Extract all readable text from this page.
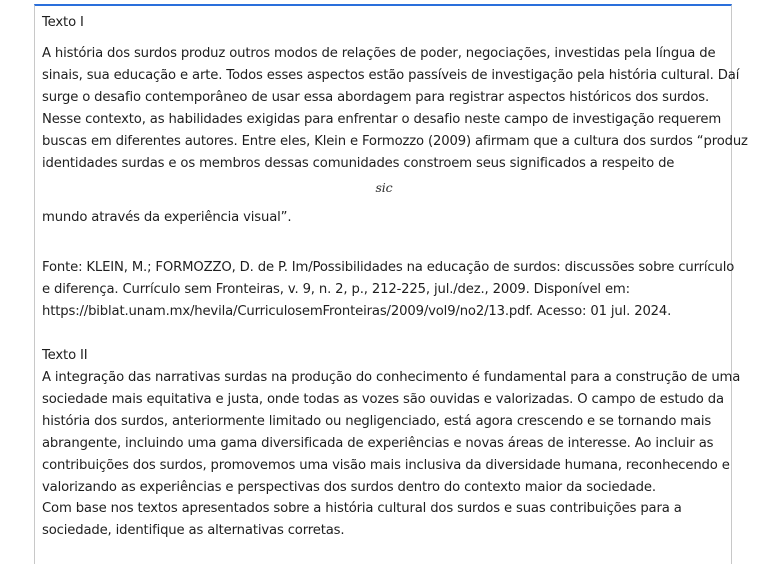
Texto I

A história dos surdos produz outros modos de relações de poder, negociações, investidas pela língua de
sinais, sua educação e arte. Todos esses aspectos estão passíveis de investigação pela história cultural. Daí
surge o desafio contemporâneo de usar essa abordagem para registrar aspectos históricos dos surdos.
Nesse contexto, as habilidades exigidas para enfrentar o desafio neste campo de investigação requerem
buscas em diferentes autores. Entre eles, Klein e Formozzo (2009) afirmam que a cultura dos surdos “produz
identidades surdas e os membros dessas comunidades constroem seus significados a respeito de

sic

mundo através da experiência visual”.

Fonte: KLEIN, M.; FORMOZZO, D. de P. Im/Possibilidades na educação de surdos: discussões sobre currículo
e diferença. Currículo sem Fronteiras, v. 9, n. 2, p., 212-225, jul./dez., 2009. Disponível em:
https://biblat.unam.mx/hevila/CurriculosemFronteiras/2009/vol9/no2/13.pdf. Acesso: 01 jul. 2024.

Texto II

A integração das narrativas surdas na produção do conhecimento é fundamental para a construção de uma
sociedade mais equitativa e justa, onde todas as vozes são ouvidas e valorizadas. O campo de estudo da
história dos surdos, anteriormente limitado ou negligenciado, está agora crescendo e se tornando mais
abrangente, incluindo uma gama diversificada de experiências e novas áreas de interesse. Ao incluir as
contribuições dos surdos, promovemos uma visão mais inclusiva da diversidade humana, reconhecendo e
valorizando as experiências e perspectivas dos surdos dentro do contexto maior da sociedade.

Com base nos textos apresentados sobre a história cultural dos surdos e suas contribuições para a
sociedade, identifique as alternativas corretas.
